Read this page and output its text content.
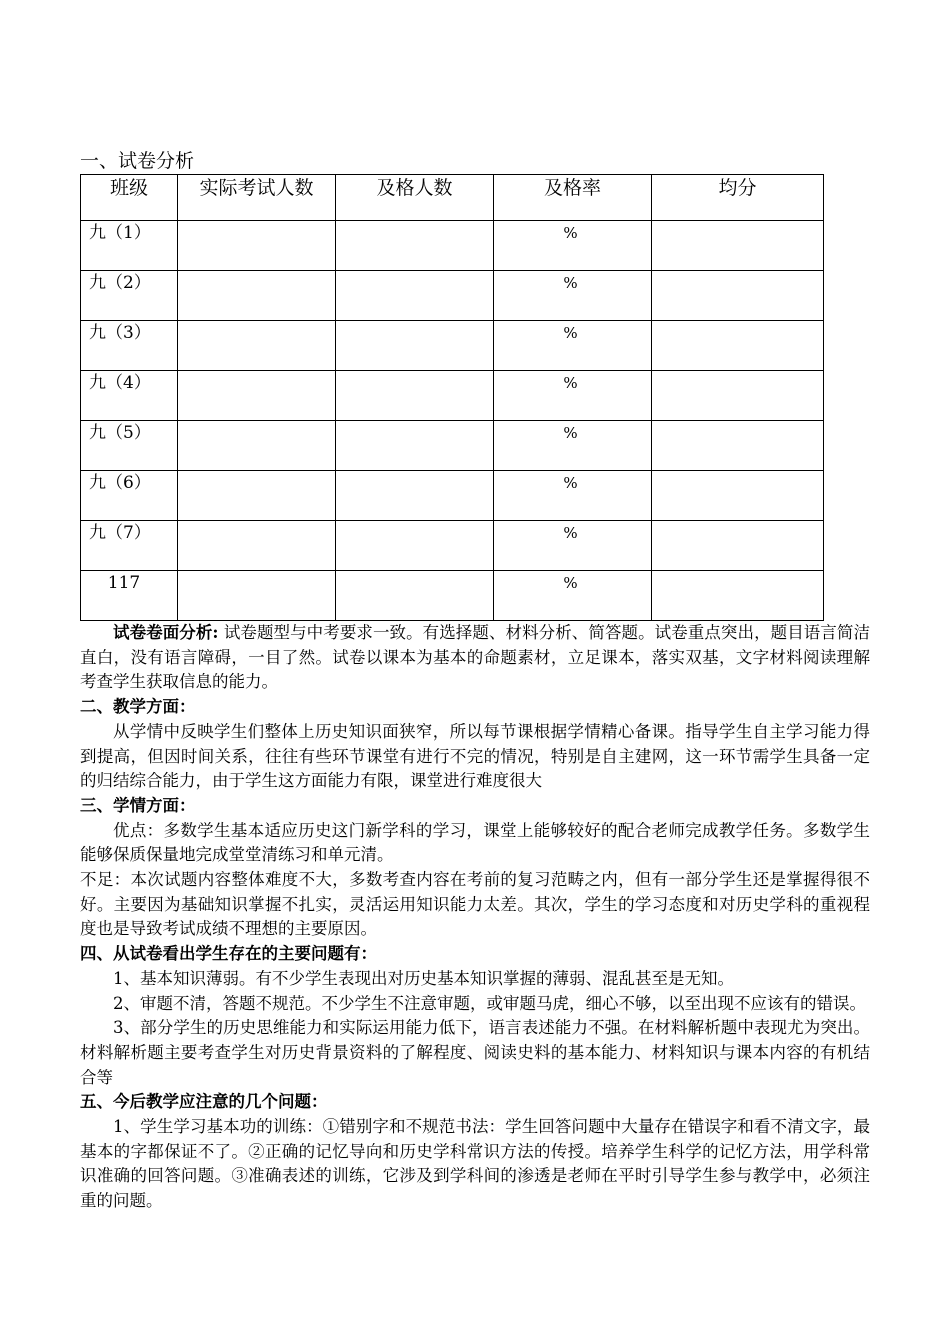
一、试卷分析
班级	实际考试人数	及格人数	及格率	均分
九（1）			%	
九（2）			%	
九（3）			%	
九（4）			%	
九（5）			%	
九（6）			%	
九（7）			%	
117			%	

试卷卷面分析: 试卷题型与中考要求一致。有选择题、材料分析、简答题。试卷重点突出，题目语言简洁直白，没有语言障碍，一目了然。试卷以课本为基本的命题素材，立足课本，落实双基，文字材料阅读理解考查学生获取信息的能力。

二、教学方面：

从学情中反映学生们整体上历史知识面狭窄，所以每节课根据学情精心备课。指导学生自主学习能力得到提高，但因时间关系，往往有些环节课堂有进行不完的情况，特别是自主建网，这一环节需学生具备一定的归结综合能力，由于学生这方面能力有限，课堂进行难度很大

三、学情方面：

优点：多数学生基本适应历史这门新学科的学习，课堂上能够较好的配合老师完成教学任务。多数学生能够保质保量地完成堂堂清练习和单元清。

不足：本次试题内容整体难度不大，多数考查内容在考前的复习范畴之内，但有一部分学生还是掌握得很不好。主要因为基础知识掌握不扎实，灵活运用知识能力太差。其次，学生的学习态度和对历史学科的重视程度也是导致考试成绩不理想的主要原因。

四、从试卷看出学生存在的主要问题有：

1、基本知识薄弱。有不少学生表现出对历史基本知识掌握的薄弱、混乱甚至是无知。

2、审题不清，答题不规范。不少学生不注意审题，或审题马虎，细心不够，以至出现不应该有的错误。

3、部分学生的历史思维能力和实际运用能力低下，语言表述能力不强。在材料解析题中表现尤为突出。材料解析题主要考查学生对历史背景资料的了解程度、阅读史料的基本能力、材料知识与课本内容的有机结合等

五、今后教学应注意的几个问题：

1、学生学习基本功的训练：①错别字和不规范书法：学生回答问题中大量存在错误字和看不清文字，最基本的字都保证不了。②正确的记忆导向和历史学科常识方法的传授。培养学生科学的记忆方法，用学科常识准确的回答问题。③准确表述的训练，它涉及到学科间的渗透是老师在平时引导学生参与教学中，必须注重的问题。
